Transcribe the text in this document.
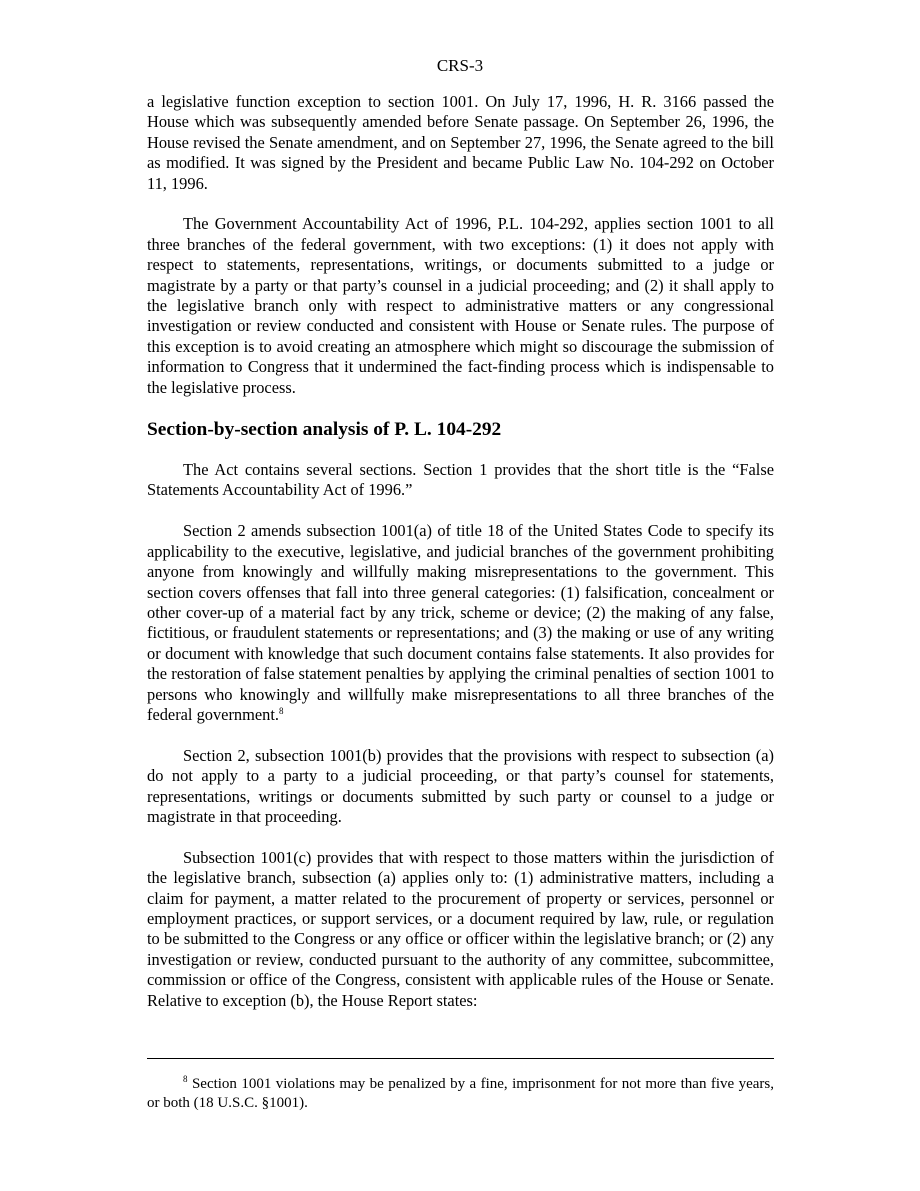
CRS-3

a legislative function exception to section 1001. On July 17, 1996, H. R. 3166 passed the House which was subsequently amended before Senate passage. On September 26, 1996, the House revised the Senate amendment, and on September 27, 1996, the Senate agreed to the bill as modified. It was signed by the President and became Public Law No. 104-292 on October 11, 1996.

The Government Accountability Act of 1996, P.L. 104-292, applies section 1001 to all three branches of the federal government, with two exceptions: (1) it does not apply with respect to statements, representations, writings, or documents submitted to a judge or magistrate by a party or that party’s counsel in a judicial proceeding; and (2) it shall apply to the legislative branch only with respect to administrative matters or any congressional investigation or review conducted and consistent with House or Senate rules. The purpose of this exception is to avoid creating an atmosphere which might so discourage the submission of information to Congress that it undermined the fact-finding process which is indispensable to the legislative process.

Section-by-section analysis of P. L. 104-292

The Act contains several sections. Section 1 provides that the short title is the “False Statements Accountability Act of 1996.”

Section 2 amends subsection 1001(a) of title 18 of the United States Code to specify its applicability to the executive, legislative, and judicial branches of the government prohibiting anyone from knowingly and willfully making misrepresentations to the government. This section covers offenses that fall into three general categories: (1) falsification, concealment or other cover-up of a material fact by any trick, scheme or device; (2) the making of any false, fictitious, or fraudulent statements or representations; and (3) the making or use of any writing or document with knowledge that such document contains false statements. It also provides for the restoration of false statement penalties by applying the criminal penalties of section 1001 to persons who knowingly and willfully make misrepresentations to all three branches of the federal government.$^8$

Section 2, subsection 1001(b) provides that the provisions with respect to subsection (a) do not apply to a party to a judicial proceeding, or that party’s counsel for statements, representations, writings or documents submitted by such party or counsel to a judge or magistrate in that proceeding.

Subsection 1001(c) provides that with respect to those matters within the jurisdiction of the legislative branch, subsection (a) applies only to: (1) administrative matters, including a claim for payment, a matter related to the procurement of property or services, personnel or employment practices, or support services, or a document required by law, rule, or regulation to be submitted to the Congress or any office or officer within the legislative branch; or (2) any investigation or review, conducted pursuant to the authority of any committee, subcommittee, commission or office of the Congress, consistent with applicable rules of the House or Senate. Relative to exception (b), the House Report states:

$^8$ Section 1001 violations may be penalized by a fine, imprisonment for not more than five years, or both (18 U.S.C. §1001).
